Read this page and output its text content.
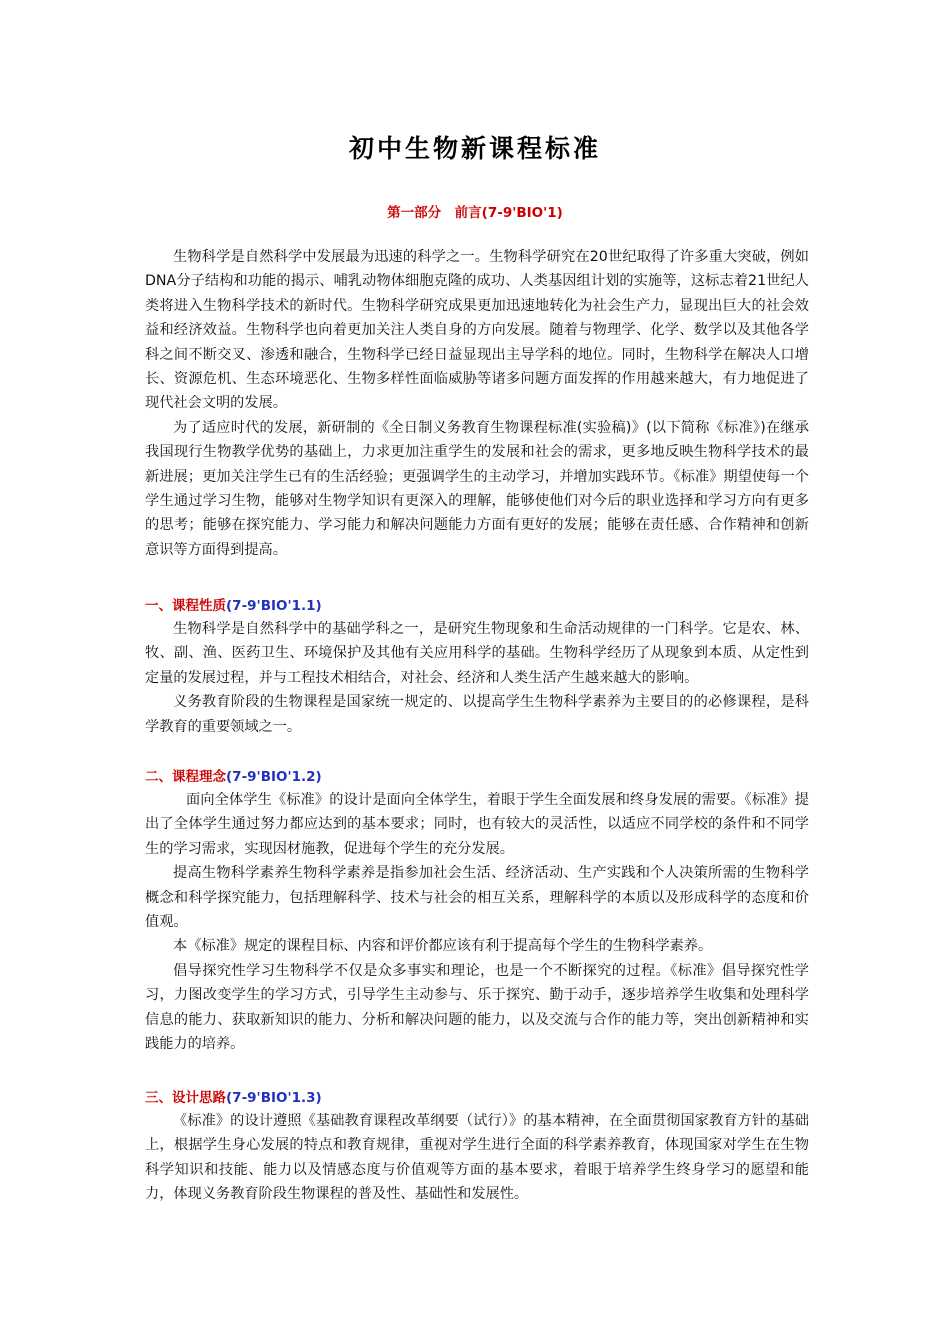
初中生物新课程标准
第一部分　前言(7-9'BIO'1)

生物科学是自然科学中发展最为迅速的科学之一。生物科学研究在20世纪取得了许多重大突破，例如DNA分子结构和功能的揭示、哺乳动物体细胞克隆的成功、人类基因组计划的实施等，这标志着21世纪人类将进入生物科学技术的新时代。生物科学研究成果更加迅速地转化为社会生产力，显现出巨大的社会效益和经济效益。生物科学也向着更加关注人类自身的方向发展。随着与物理学、化学、数学以及其他各学科之间不断交叉、渗透和融合，生物科学已经日益显现出主导学科的地位。同时，生物科学在解决人口增长、资源危机、生态环境恶化、生物多样性面临威胁等诸多问题方面发挥的作用越来越大，有力地促进了现代社会文明的发展。

为了适应时代的发展，新研制的《全日制义务教育生物课程标准(实验稿)》(以下简称《标准》)在继承我国现行生物教学优势的基础上，力求更加注重学生的发展和社会的需求，更多地反映生物科学技术的最新进展；更加关注学生已有的生活经验；更强调学生的主动学习，并增加实践环节。《标准》期望使每一个学生通过学习生物，能够对生物学知识有更深入的理解，能够使他们对今后的职业选择和学习方向有更多的思考；能够在探究能力、学习能力和解决问题能力方面有更好的发展；能够在责任感、合作精神和创新意识等方面得到提高。

一、课程性质(7-9'BIO'1.1)

生物科学是自然科学中的基础学科之一，是研究生物现象和生命活动规律的一门科学。它是农、林、牧、副、渔、医药卫生、环境保护及其他有关应用科学的基础。生物科学经历了从现象到本质、从定性到定量的发展过程，并与工程技术相结合，对社会、经济和人类生活产生越来越大的影响。

义务教育阶段的生物课程是国家统一规定的、以提高学生生物科学素养为主要目的的必修课程，是科学教育的重要领域之一。

二、课程理念(7-9'BIO'1.2)

面向全体学生《标准》的设计是面向全体学生，着眼于学生全面发展和终身发展的需要。《标准》提出了全体学生通过努力都应达到的基本要求；同时，也有较大的灵活性，以适应不同学校的条件和不同学生的学习需求，实现因材施教，促进每个学生的充分发展。

提高生物科学素养生物科学素养是指参加社会生活、经济活动、生产实践和个人决策所需的生物科学概念和科学探究能力，包括理解科学、技术与社会的相互关系，理解科学的本质以及形成科学的态度和价值观。

本《标准》规定的课程目标、内容和评价都应该有利于提高每个学生的生物科学素养。

倡导探究性学习生物科学不仅是众多事实和理论，也是一个不断探究的过程。《标准》倡导探究性学习，力图改变学生的学习方式，引导学生主动参与、乐于探究、勤于动手，逐步培养学生收集和处理科学信息的能力、获取新知识的能力、分析和解决问题的能力，以及交流与合作的能力等，突出创新精神和实践能力的培养。

三、设计思路(7-9'BIO'1.3)

《标准》的设计遵照《基础教育课程改革纲要（试行）》的基本精神，在全面贯彻国家教育方针的基础上，根据学生身心发展的特点和教育规律，重视对学生进行全面的科学素养教育，体现国家对学生在生物科学知识和技能、能力以及情感态度与价值观等方面的基本要求，着眼于培养学生终身学习的愿望和能力，体现义务教育阶段生物课程的普及性、基础性和发展性。
